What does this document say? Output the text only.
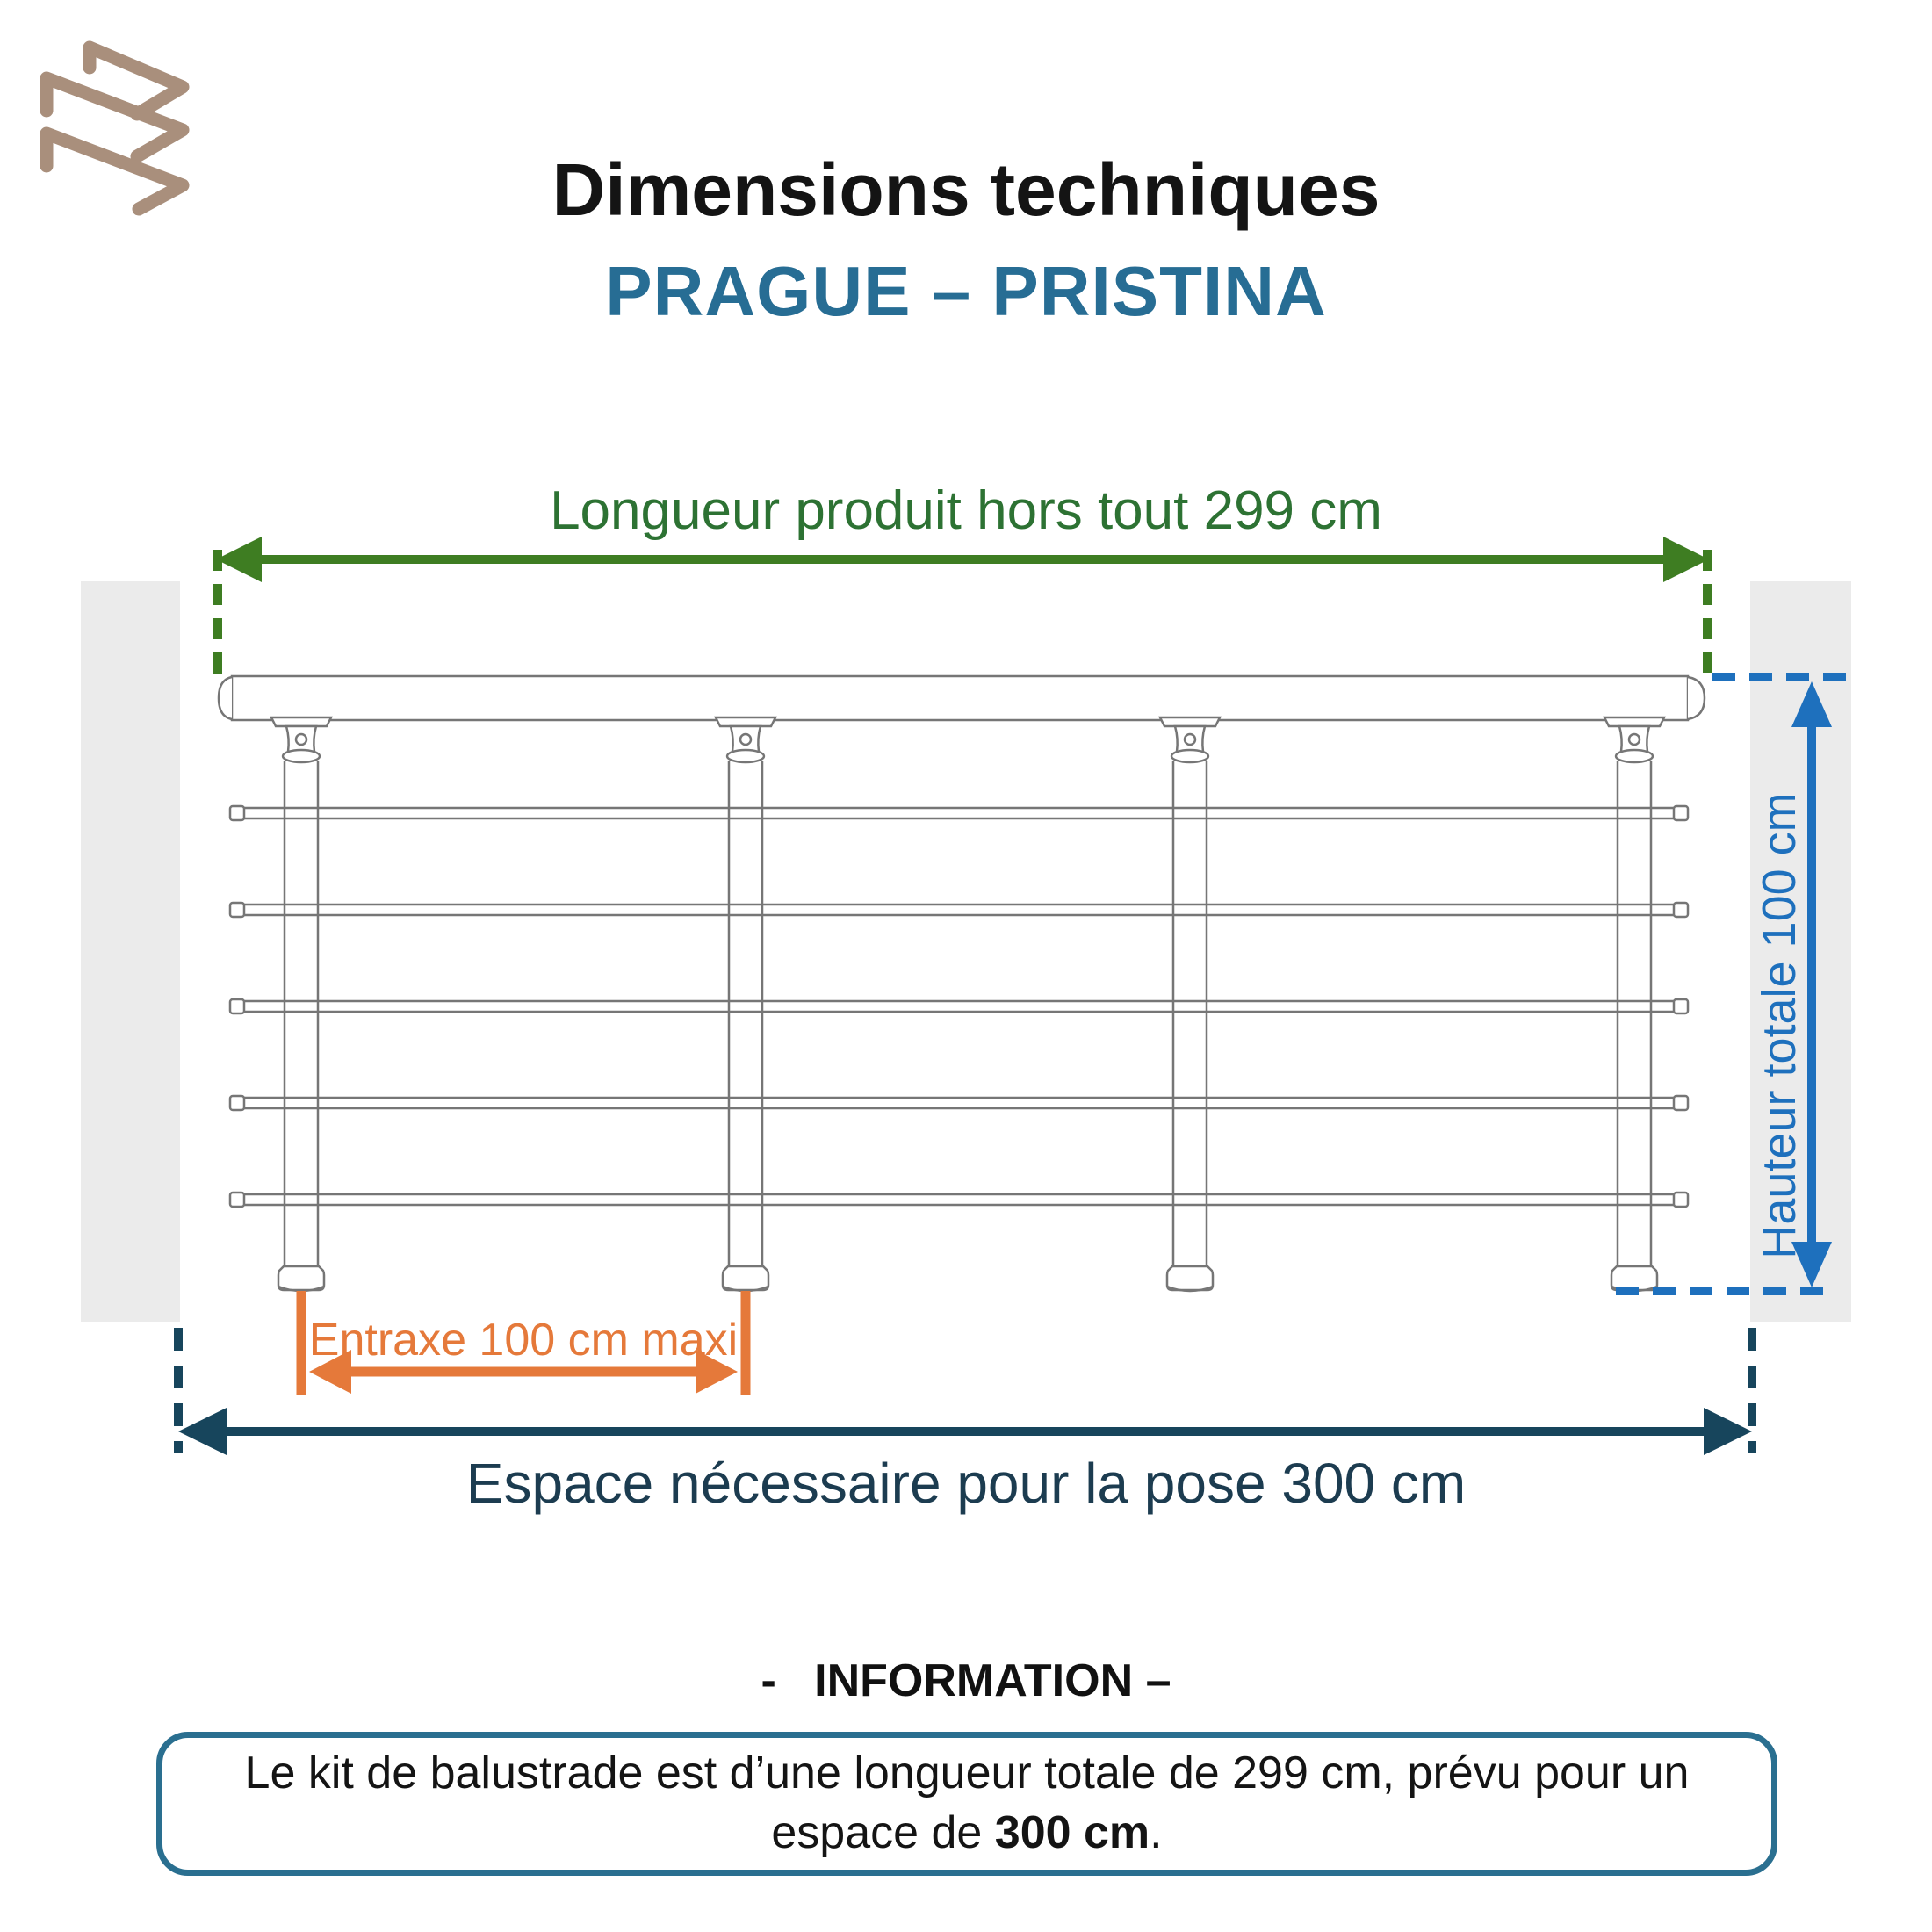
Dimensions techniques
PRAGUE – PRISTINA
Longueur produit hors tout 299 cm
Hauteur totale 100 cm
Entraxe 100 cm maxi
Espace nécessaire pour la pose 300 cm
-   INFORMATION –
Le kit de balustrade est d’une longueur totale de 299 cm, prévu pour un
espace de 300 cm.
